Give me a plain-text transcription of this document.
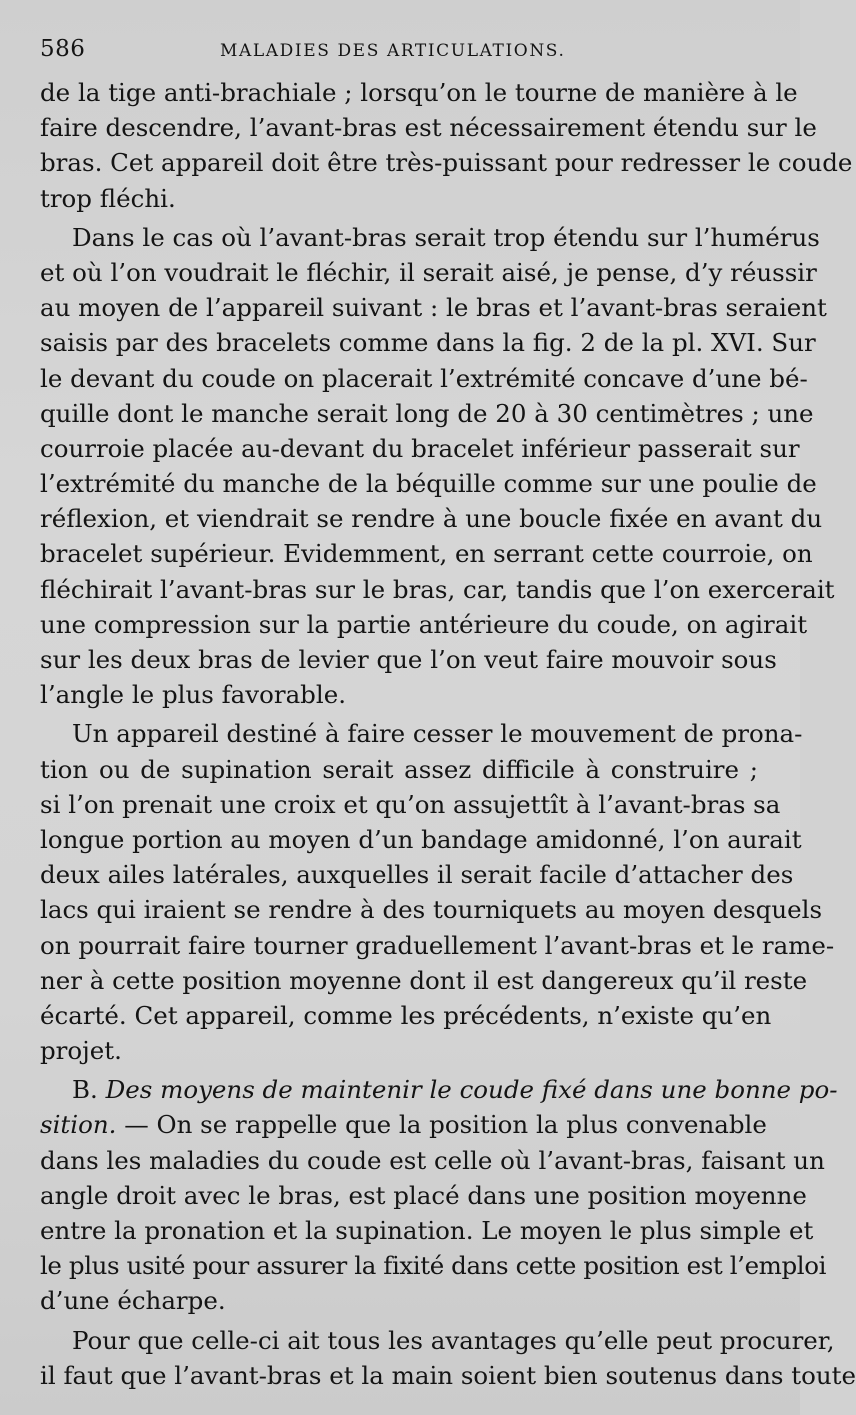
586	MALADIES DES ARTICULATIONS.
de la tige anti-brachiale ; lorsqu’on le tourne de manière à le
faire descendre, l’avant-bras est nécessairement étendu sur le
bras. Cet appareil doit être très-puissant pour redresser le coude
trop fléchi.
Dans le cas où l’avant-bras serait trop étendu sur l’humérus
et où l’on voudrait le fléchir, il serait aisé, je pense, d’y réussir
au moyen de l’appareil suivant : le bras et l’avant-bras seraient
saisis par des bracelets comme dans la fig. 2 de la pl. XVI. Sur
le devant du coude on placerait l’extrémité concave d’une bé-
quille dont le manche serait long de 20 à 30 centimètres ; une
courroie placée au-devant du bracelet inférieur passerait sur
l’extrémité du manche de la béquille comme sur une poulie de
réflexion, et viendrait se rendre à une boucle fixée en avant du
bracelet supérieur. Evidemment, en serrant cette courroie, on
fléchirait l’avant-bras sur le bras, car, tandis que l’on exercerait
une compression sur la partie antérieure du coude, on agirait
sur les deux bras de levier que l’on veut faire mouvoir sous
l’angle le plus favorable.
Un appareil destiné à faire cesser le mouvement de prona-
tion ou de supination serait assez difficile à construire ;
si l’on prenait une croix et qu’on assujettît à l’avant-bras sa
longue portion au moyen d’un bandage amidonné, l’on aurait
deux ailes latérales, auxquelles il serait facile d’attacher des
lacs qui iraient se rendre à des tourniquets au moyen desquels
on pourrait faire tourner graduellement l’avant-bras et le rame-
ner à cette position moyenne dont il est dangereux qu’il reste
écarté. Cet appareil, comme les précédents, n’existe qu’en
projet.
B. Des moyens de maintenir le coude fixé dans une bonne po-
sition. — On se rappelle que la position la plus convenable
dans les maladies du coude est celle où l’avant-bras, faisant un
angle droit avec le bras, est placé dans une position moyenne
entre la pronation et la supination. Le moyen le plus simple et
le plus usité pour assurer la fixité dans cette position est l’emploi
d’une écharpe.
Pour que celle-ci ait tous les avantages qu’elle peut procurer,
il faut que l’avant-bras et la main soient bien soutenus dans toute
